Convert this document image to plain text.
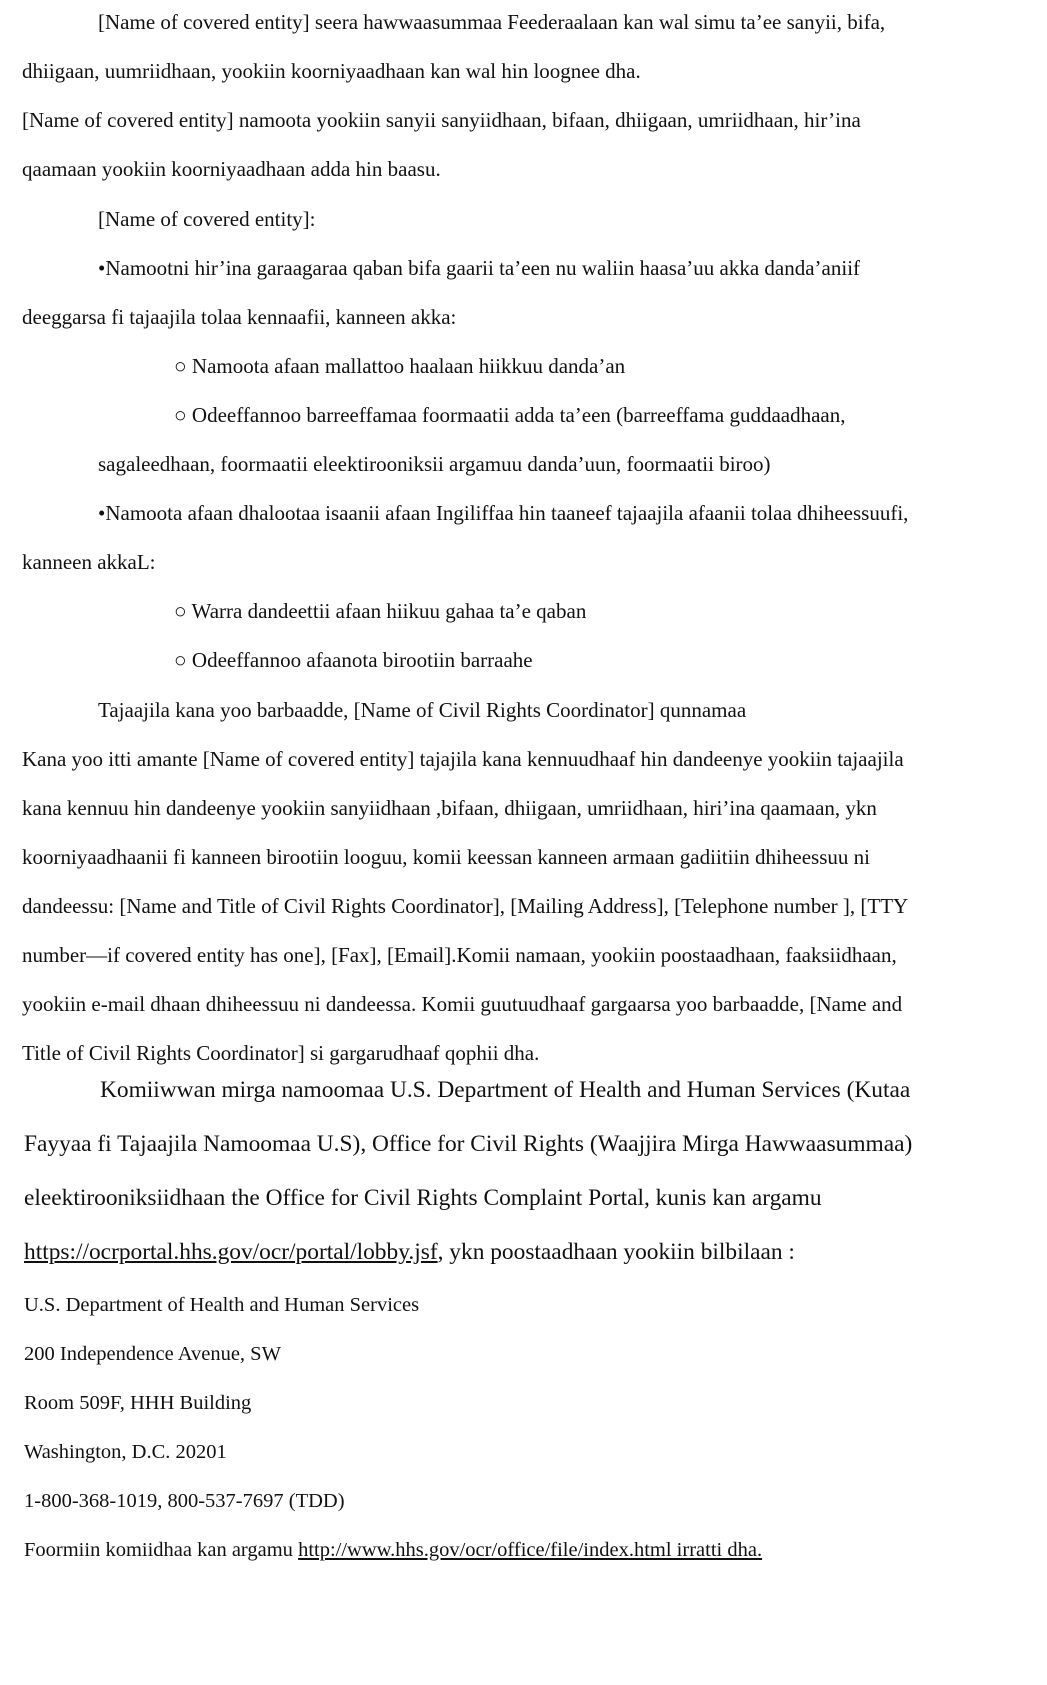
[Name of covered entity] seera hawwaasummaa Feederaalaan kan wal simu ta’ee sanyii, bifa,
dhiigaan, uumriidhaan, yookiin koorniyaadhaan kan wal hin loognee dha.
[Name of covered entity] namoota yookiin sanyii sanyiidhaan, bifaan, dhiigaan, umriidhaan, hir’ina
qaamaan yookiin koorniyaadhaan adda hin baasu.
[Name of covered entity]:
•Namootni hir’ina garaagaraa qaban bifa gaarii ta’een nu waliin haasa’uu akka danda’aniif
deeggarsa fi tajaajila tolaa kennaafii, kanneen akka:
○ Namoota afaan mallattoo haalaan hiikkuu danda’an
○ Odeeffannoo barreeffamaa foormaatii adda ta’een (barreeffama guddaadhaan,
sagaleedhaan, foormaatii eleektirooniksii argamuu danda’uun, foormaatii biroo)
•Namoota afaan dhalootaa isaanii afaan Ingiliffaa hin taaneef tajaajila afaanii tolaa dhiheessuufi,
kanneen akkaL:
○ Warra dandeettii afaan hiikuu gahaa ta’e qaban
○ Odeeffannoo afaanota birootiin barraahe
Tajaajila kana yoo barbaadde, [Name of Civil Rights Coordinator] qunnamaa
Kana yoo itti amante [Name of covered entity] tajajila kana kennuudhaaf hin dandeenye yookiin tajaajila
kana kennuu hin dandeenye yookiin sanyiidhaan ,bifaan, dhiigaan, umriidhaan, hiri’ina qaamaan, ykn
koorniyaadhaanii fi kanneen birootiin looguu, komii keessan kanneen armaan gadiitiin dhiheessuu ni
dandeessu: [Name and Title of Civil Rights Coordinator], [Mailing Address], [Telephone number ], [TTY
number—if covered entity has one], [Fax], [Email].Komii namaan, yookiin poostaadhaan, faaksiidhaan,
yookiin e-mail dhaan dhiheessuu ni dandeessa. Komii guutuudhaaf gargaarsa yoo barbaadde, [Name and
Title of Civil Rights Coordinator] si gargarudhaaf qophii dha.
Komiiwwan mirga namoomaa U.S. Department of Health and Human Services (Kutaa
Fayyaa fi Tajaajila Namoomaa U.S), Office for Civil Rights (Waajjira Mirga Hawwaasummaa)
eleektirooniksiidhaan the Office for Civil Rights Complaint Portal, kunis kan argamu
https://ocrportal.hhs.gov/ocr/portal/lobby.jsf, ykn poostaadhaan yookiin bilbilaan :
U.S. Department of Health and Human Services
200 Independence Avenue, SW
Room 509F, HHH Building
Washington, D.C. 20201
1-800-368-1019, 800-537-7697 (TDD)
Foormiin komiidhaa kan argamu http://www.hhs.gov/ocr/office/file/index.html irratti dha.
